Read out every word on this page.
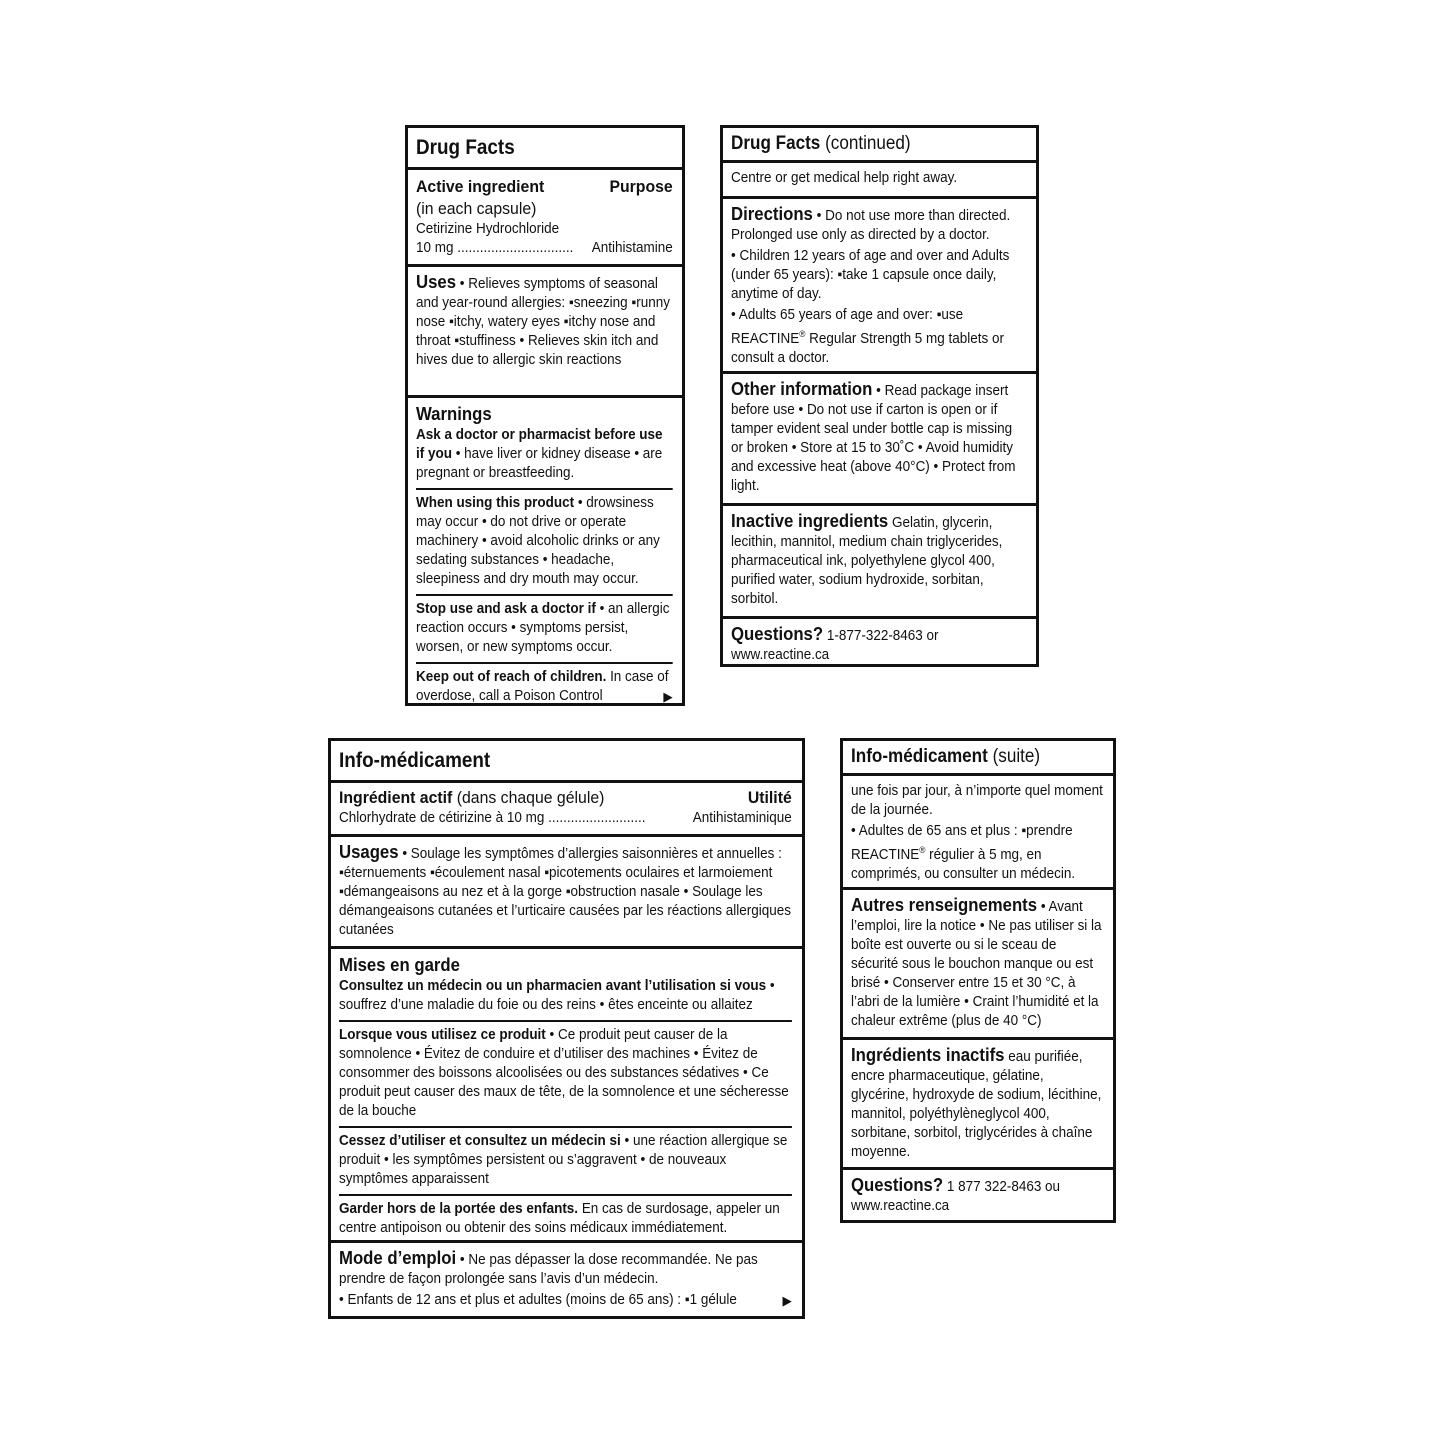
Drug Facts
Active ingredient	Purpose
(in each capsule)
Cetirizine Hydrochloride
10 mg ............................... Antihistamine
Uses • Relieves symptoms of seasonal and year-round allergies: ▪sneezing ▪runny nose ▪itchy, watery eyes ▪itchy nose and throat ▪stuffiness • Relieves skin itch and hives due to allergic skin reactions
Warnings
Ask a doctor or pharmacist before use if you • have liver or kidney disease • are pregnant or breastfeeding.
When using this product • drowsiness may occur • do not drive or operate machinery • avoid alcoholic drinks or any sedating substances • headache, sleepiness and dry mouth may occur.
Stop use and ask a doctor if • an allergic reaction occurs • symptoms persist, worsen, or new symptoms occur.
Keep out of reach of children. In case of overdose, call a Poison Control	▶
Drug Facts (continued)
Centre or get medical help right away.
Directions • Do not use more than directed. Prolonged use only as directed by a doctor.
• Children 12 years of age and over and Adults (under 65 years): ▪take 1 capsule once daily, anytime of day.
• Adults 65 years of age and over: ▪use REACTINE® Regular Strength 5 mg tablets or consult a doctor.
Other information • Read package insert before use • Do not use if carton is open or if tamper evident seal under bottle cap is missing or broken • Store at 15 to 30˚C • Avoid humidity and excessive heat (above 40°C) • Protect from light.
Inactive ingredients Gelatin, glycerin, lecithin, mannitol, medium chain triglycerides, pharmaceutical ink, polyethylene glycol 400, purified water, sodium hydroxide, sorbitan, sorbitol.
Questions? 1-877-322-8463 or www.reactine.ca
Info-médicament
Ingrédient actif (dans chaque gélule)	Utilité
Chlorhydrate de cétirizine à 10 mg ..........................	Antihistaminique
Usages • Soulage les symptômes d’allergies saisonnières et annuelles : ▪éternuements ▪écoulement nasal ▪picotements oculaires et larmoiement ▪démangeaisons au nez et à la gorge ▪obstruction nasale • Soulage les démangeaisons cutanées et l’urticaire causées par les réactions allergiques cutanées
Mises en garde
Consultez un médecin ou un pharmacien avant l’utilisation si vous • souffrez d’une maladie du foie ou des reins • êtes enceinte ou allaitez
Lorsque vous utilisez ce produit • Ce produit peut causer de la somnolence • Évitez de conduire et d’utiliser des machines • Évitez de consommer des boissons alcoolisées ou des substances sédatives • Ce produit peut causer des maux de tête, de la somnolence et une sécheresse de la bouche
Cessez d’utiliser et consultez un médecin si • une réaction allergique se produit • les symptômes persistent ou s’aggravent • de nouveaux symptômes apparaissent
Garder hors de la portée des enfants. En cas de surdosage, appeler un centre antipoison ou obtenir des soins médicaux immédiatement.
Mode d’emploi • Ne pas dépasser la dose recommandée. Ne pas prendre de façon prolongée sans l’avis d’un médecin.
• Enfants de 12 ans et plus et adultes (moins de 65 ans) : ▪1 gélule	▶
Info-médicament (suite)
une fois par jour, à n’importe quel moment de la journée.
• Adultes de 65 ans et plus : ▪prendre REACTINE® régulier à 5 mg, en comprimés, ou consulter un médecin.
Autres renseignements • Avant l’emploi, lire la notice • Ne pas utiliser si la boîte est ouverte ou si le sceau de sécurité sous le bouchon manque ou est brisé • Conserver entre 15 et 30 °C, à l’abri de la lumière • Craint l’humidité et la chaleur extrême (plus de 40 °C)
Ingrédients inactifs eau purifiée, encre pharmaceutique, gélatine, glycérine, hydroxyde de sodium, lécithine, mannitol, polyéthylèneglycol 400, sorbitane, sorbitol, triglycérides à chaîne moyenne.
Questions? 1 877 322-8463 ou www.reactine.ca
